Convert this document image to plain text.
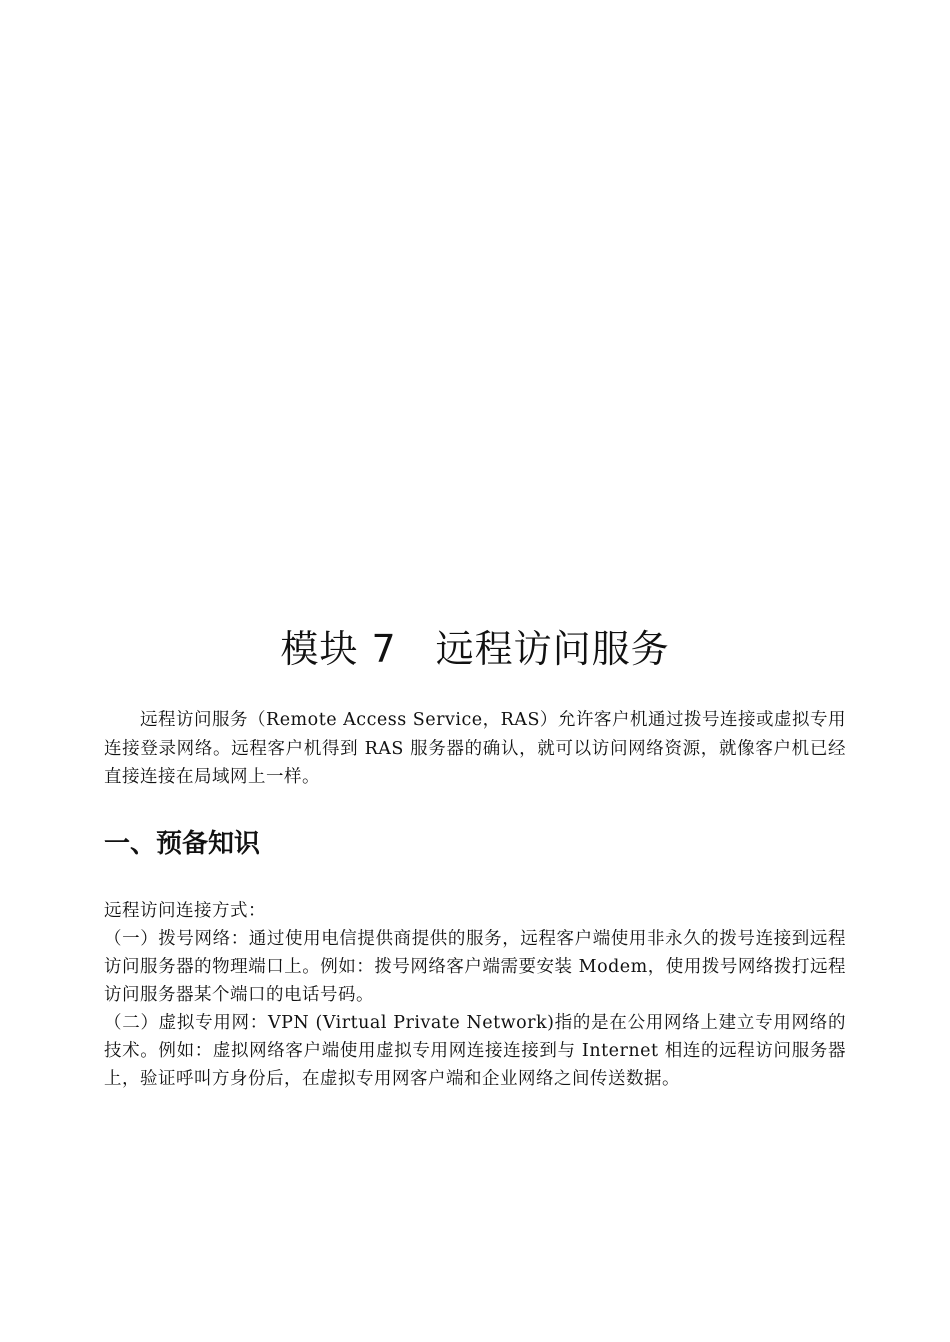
模块 7　远程访问服务

远程访问服务（Remote Access Service，RAS）允许客户机通过拨号连接或虚拟专用连接登录网络。远程客户机得到 RAS 服务器的确认，就可以访问网络资源，就像客户机已经直接连接在局域网上一样。

一、预备知识

远程访问连接方式：

（一）拨号网络：通过使用电信提供商提供的服务，远程客户端使用非永久的拨号连接到远程访问服务器的物理端口上。例如：拨号网络客户端需要安装 Modem，使用拨号网络拨打远程访问服务器某个端口的电话号码。

（二）虚拟专用网：VPN (Virtual Private Network)指的是在公用网络上建立专用网络的技术。例如：虚拟网络客户端使用虚拟专用网连接连接到与 Internet 相连的远程访问服务器上，验证呼叫方身份后，在虚拟专用网客户端和企业网络之间传送数据。
